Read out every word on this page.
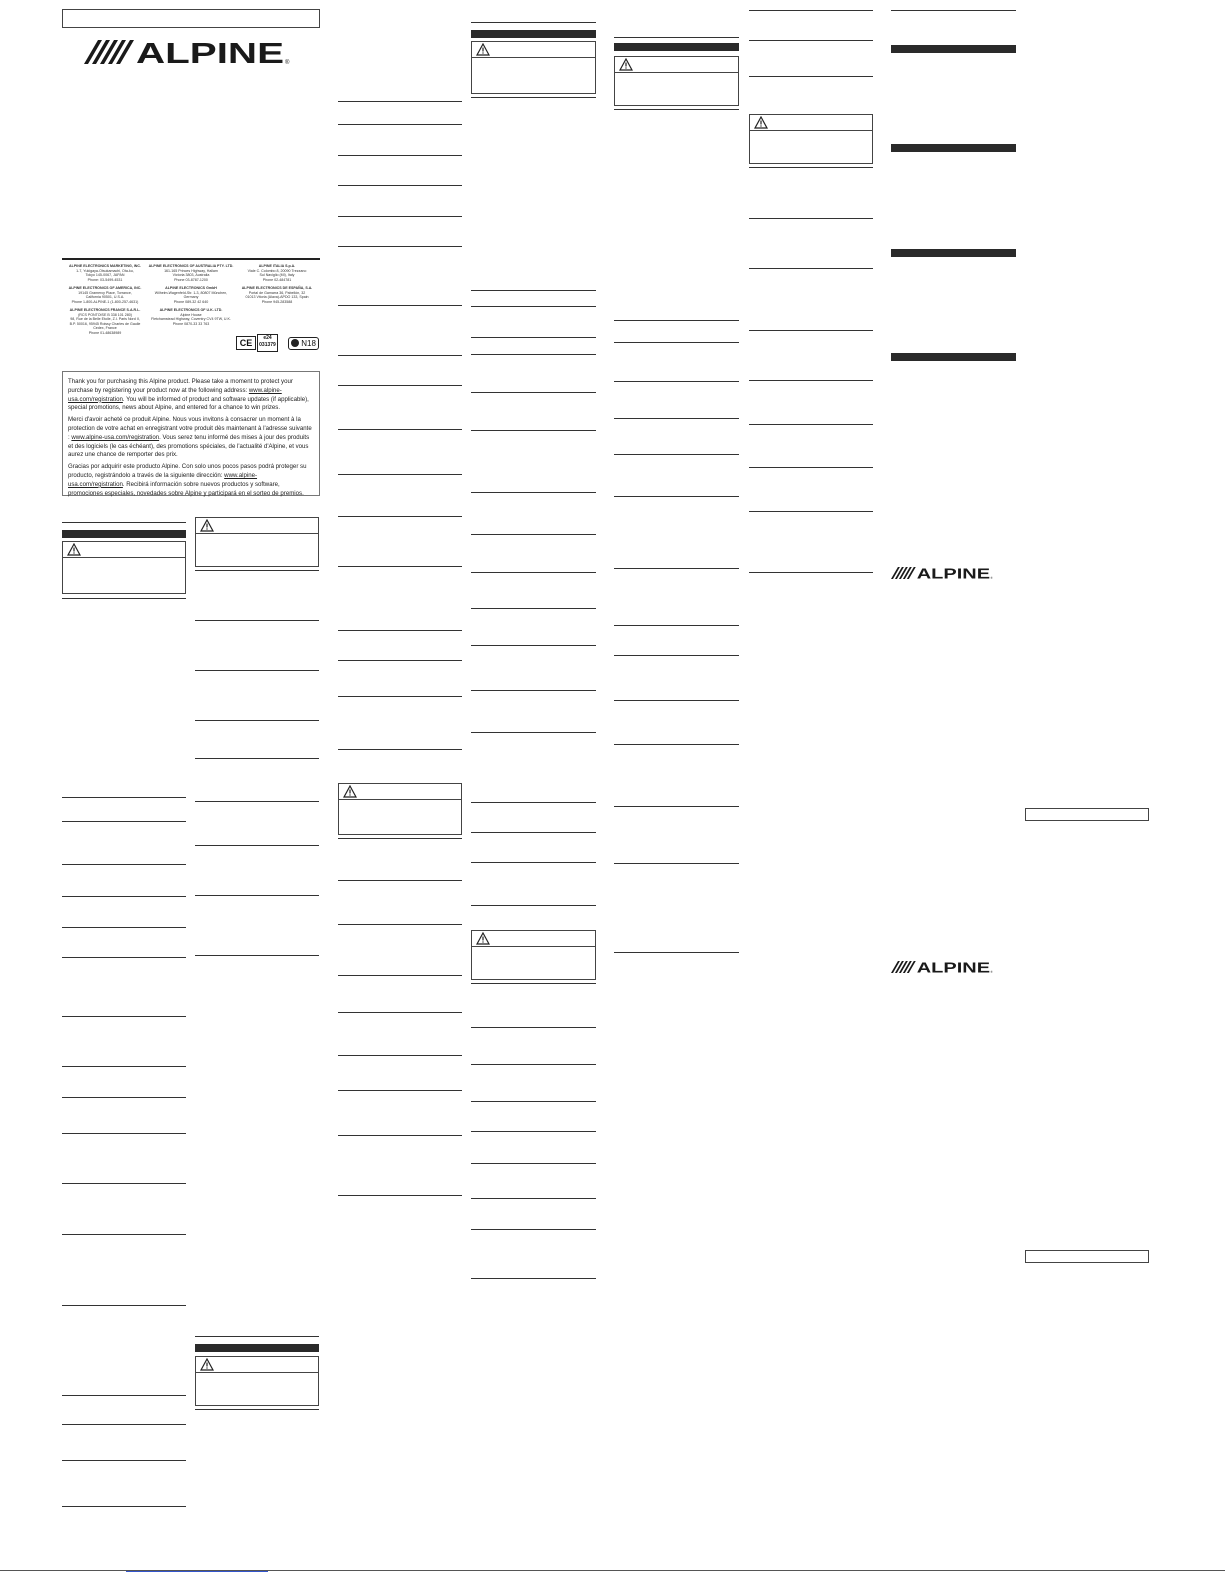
ALPINE ®
ALPINE ELECTRONICS MARKETING, INC.
1-7, Yukigaya-Otsukamachi, Ota-ku,
Tokyo 145-0067, JAPAN
Phone: 03-5499-4531
ALPINE ELECTRONICS OF AUSTRALIA PTY. LTD.
161-165 Princes Highway, Hallam
Victoria 3803, Australia
Phone 03-8787-1200
ALPINE ITALIA S.p.A.
Viale C. Colombo 8, 20090 Trezzano
Sul Naviglio (MI), Italy
Phone 02-484781
ALPINE ELECTRONICS OF AMERICA, INC.
19145 Gramercy Place, Torrance,
California 90501, U.S.A.
Phone 1-800-ALPINE-1 (1-800-257-4631)
ALPINE ELECTRONICS GmbH
Wilhelm-Wagenfeld-Str. 1-3, 80807 München,
Germany
Phone 089-32 42 640
ALPINE ELECTRONICS DE ESPAÑA, S.A.
Portal de Gamarra 36, Pabellón, 32
01013 Vitoria (Alava)-APDO 133, Spain
Phone 945-283588
ALPINE ELECTRONICS FRANCE S.A.R.L.
(RCS PONTOISE B 338 101 280)
98, Rue de la Belle Etoile, Z.I. Paris Nord II,
B.P. 50016, 95945 Roissy Charles de Gaulle
Cedex, France
Phone 01-48638989
ALPINE ELECTRONICS OF U.K. LTD.
Alpine House
Fletchamstead Highway, Coventry CV4 9TW, U.K.
Phone 0870-33 33 763
CE	e24
031379	N18

Thank you for purchasing this Alpine product. Please take a moment to protect your purchase by registering your product now at the following address: www.alpine-usa.com/registration. You will be informed of product and software updates (if applicable), special promotions, news about Alpine, and entered for a chance to win prizes.

Merci d'avoir acheté ce produit Alpine. Nous vous invitons à consacrer un moment à la protection de votre achat en enregistrant votre produit dès maintenant à l'adresse suivante : www.alpine-usa.com/registration. Vous serez tenu informé des mises à jour des produits et des logiciels (le cas échéant), des promotions spéciales, de l'actualité d'Alpine, et vous aurez une chance de remporter des prix.

Gracias por adquirir este producto Alpine. Con solo unos pocos pasos podrá proteger su producto, registrándolo a través de la siguiente dirección: www.alpine-usa.com/registration. Recibirá información sobre nuevos productos y software, promociones especiales, novedades sobre Alpine y participará en el sorteo de premios.

ALPINE ®
ALPINE ®
